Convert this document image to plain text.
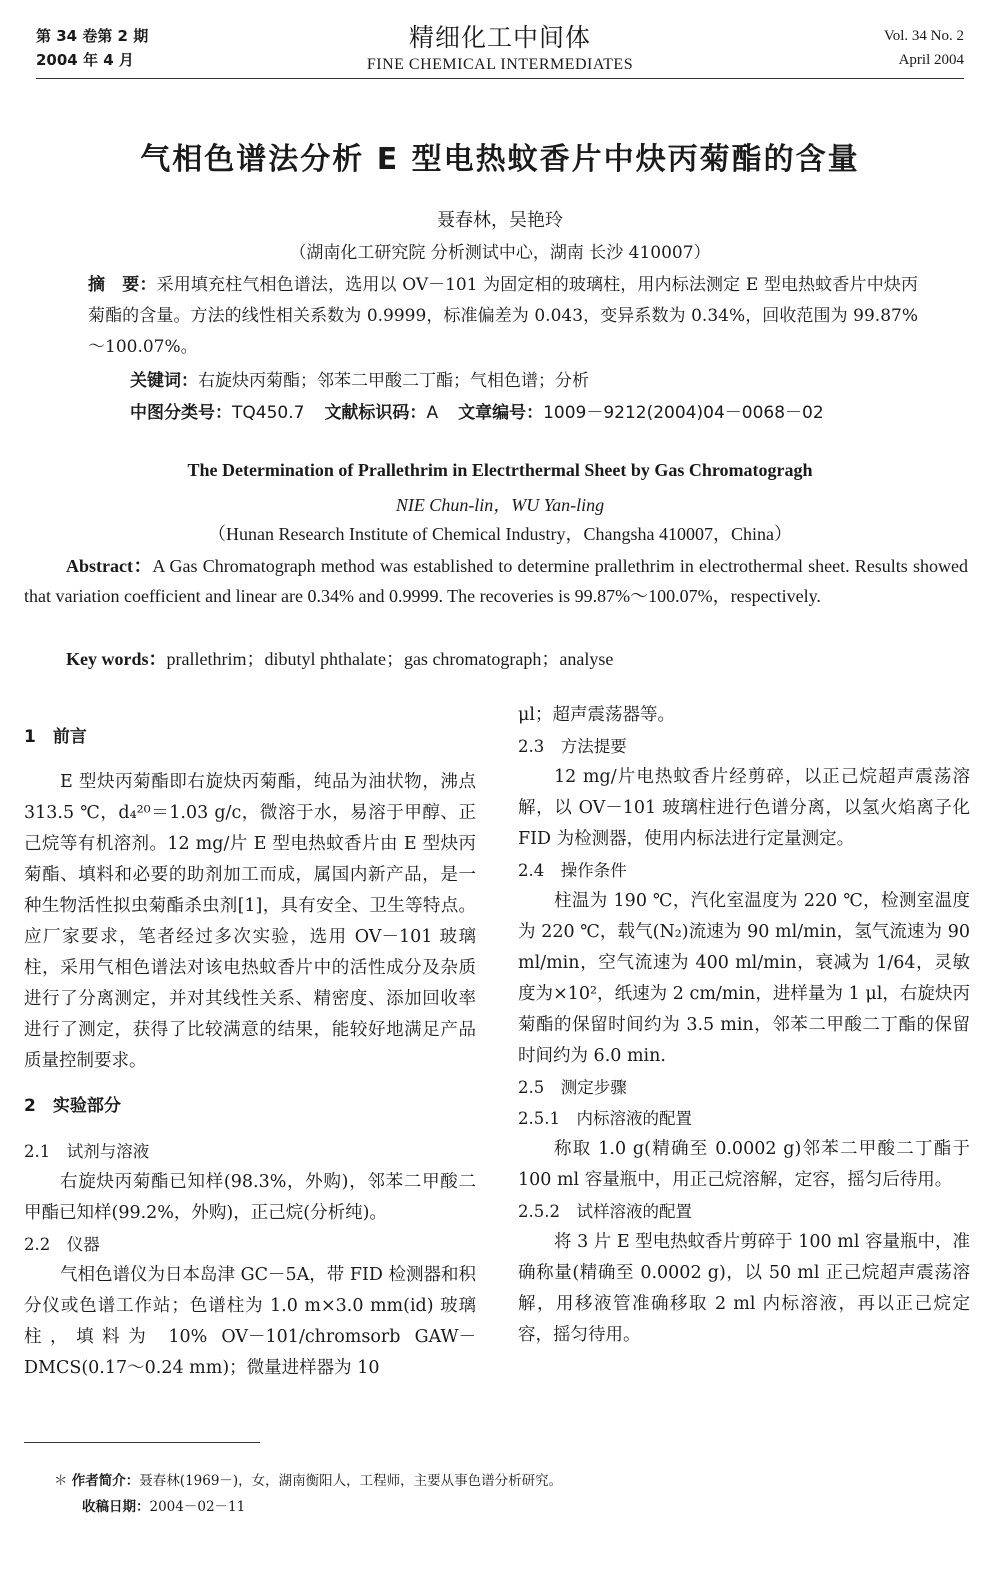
第 34 卷第 2 期
2004 年 4 月
精细化工中间体
FINE CHEMICAL INTERMEDIATES
Vol. 34 No. 2
April 2004
气相色谱法分析 E 型电热蚊香片中炔丙菊酯的含量
聂春林，吴艳玲
（湖南化工研究院 分析测试中心，湖南 长沙 410007）
摘　要：采用填充柱气相色谱法，选用以 OV－101 为固定相的玻璃柱，用内标法测定 E 型电热蚊香片中炔丙菊酯的含量。方法的线性相关系数为 0.9999，标准偏差为 0.043，变异系数为 0.34%，回收范围为 99.87%～100.07%。
关键词：右旋炔丙菊酯；邻苯二甲酸二丁酯；气相色谱；分析
中图分类号：TQ450.7 文献标识码：A 文章编号：1009－9212(2004)04－0068－02
The Determination of Prallethrim in Electrthermal Sheet by Gas Chromatogragh
NIE Chun-lin，WU Yan-ling
（Hunan Research Institute of Chemical Industry，Changsha 410007，China）
Abstract：A Gas Chromatograph method was established to determine prallethrim in electrothermal sheet. Results showed that variation coefficient and linear are 0.34% and 0.9999. The recoveries is 99.87%～100.07%，respectively.
Key words：prallethrim；dibutyl phthalate；gas chromatograph；analyse

1　前言

E 型炔丙菊酯即右旋炔丙菊酯，纯品为油状物，沸点 313.5 ℃，d₄²⁰＝1.03 g/c，微溶于水，易溶于甲醇、正己烷等有机溶剂。12 mg/片 E 型电热蚊香片由 E 型炔丙菊酯、填料和必要的助剂加工而成，属国内新产品，是一种生物活性拟虫菊酯杀虫剂[1]，具有安全、卫生等特点。应厂家要求，笔者经过多次实验，选用 OV－101 玻璃柱，采用气相色谱法对该电热蚊香片中的活性成分及杂质进行了分离测定，并对其线性关系、精密度、添加回收率进行了测定，获得了比较满意的结果，能较好地满足产品质量控制要求。

2　实验部分

2.1　试剂与溶液

右旋炔丙菊酯已知样(98.3%，外购)，邻苯二甲酸二甲酯已知样(99.2%，外购)，正己烷(分析纯)。

2.2　仪器

气相色谱仪为日本岛津 GC－5A，带 FID 检测器和积分仪或色谱工作站；色谱柱为 1.0 m×3.0 mm(id) 玻璃柱，填料为 10% OV－101/chromsorb GAW－DMCS(0.17～0.24 mm)；微量进样器为 10

μl；超声震荡器等。

2.3　方法提要

12 mg/片电热蚊香片经剪碎，以正己烷超声震荡溶解，以 OV－101 玻璃柱进行色谱分离，以氢火焰离子化 FID 为检测器，使用内标法进行定量测定。

2.4　操作条件

柱温为 190 ℃，汽化室温度为 220 ℃，检测室温度为 220 ℃，载气(N₂)流速为 90 ml/min，氢气流速为 90 ml/min，空气流速为 400 ml/min，衰减为 1/64，灵敏度为×10²，纸速为 2 cm/min，进样量为 1 μl，右旋炔丙菊酯的保留时间约为 3.5 min，邻苯二甲酸二丁酯的保留时间约为 6.0 min.

2.5　测定步骤

2.5.1　内标溶液的配置

称取 1.0 g(精确至 0.0002 g)邻苯二甲酸二丁酯于 100 ml 容量瓶中，用正己烷溶解，定容，摇匀后待用。

2.5.2　试样溶液的配置

将 3 片 E 型电热蚊香片剪碎于 100 ml 容量瓶中，准确称量(精确至 0.0002 g)，以 50 ml 正己烷超声震荡溶解，用移液管准确移取 2 ml 内标溶液，再以正己烷定容，摇匀待用。

＊ 作者简介：聂春林(1969－)，女，湖南衡阳人，工程师，主要从事色谱分析研究。
收稿日期：2004－02－11
